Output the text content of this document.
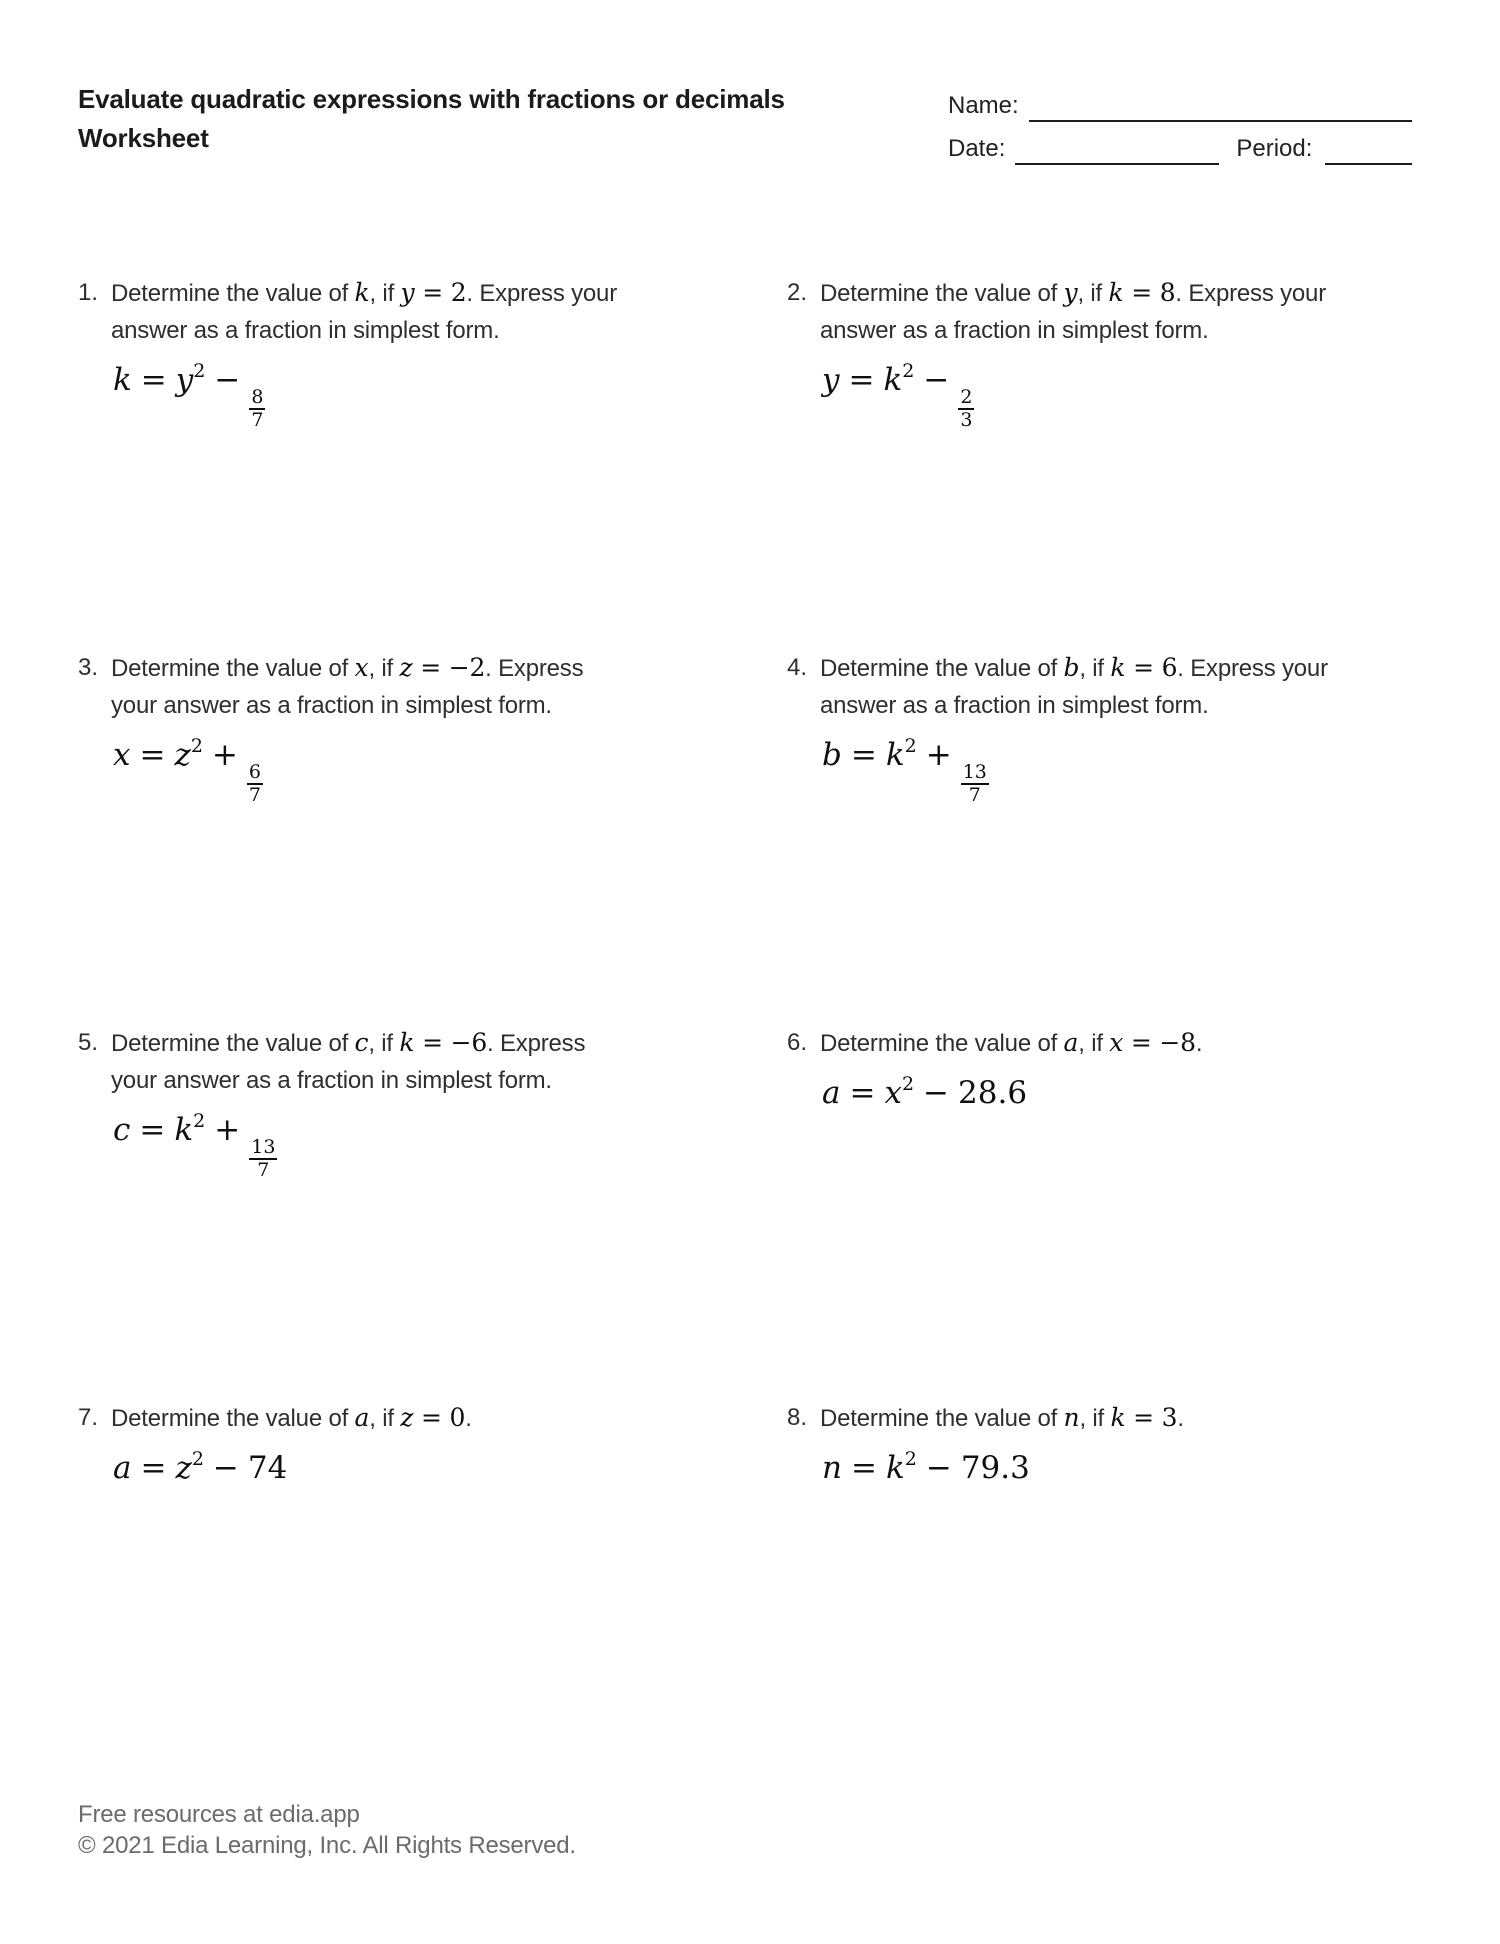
Evaluate quadratic expressions with fractions or decimals
Worksheet
Name:
Date:	Period:
1. Determine the value of k, if y = 2. Express your
answer as a fraction in simplest form.
$k = y^2$ −
$\frac{8}{7}$
2. Determine the value of y, if k = 8. Express your
answer as a fraction in simplest form.
$y = k^2$ −
$\frac{2}{3}$
3. Determine the value of x, if z = −2. Express
your answer as a fraction in simplest form.
$x = z^2$ +
$\frac{6}{7}$
4. Determine the value of b, if k = 6. Express your
answer as a fraction in simplest form.
$b = k^2$ +
$\frac{13}{7}$
5. Determine the value of c, if k = −6. Express
your answer as a fraction in simplest form.
$c = k^2$ +
$\frac{13}{7}$
6. Determine the value of a, if x = −8.
$a = x^2 - 28.6$
7. Determine the value of a, if z = 0.
$a = z^2 - 74$
8. Determine the value of n, if k = 3.
$n = k^2 - 79.3$
Free resources at edia.app
© 2021 Edia Learning, Inc. All Rights Reserved.
